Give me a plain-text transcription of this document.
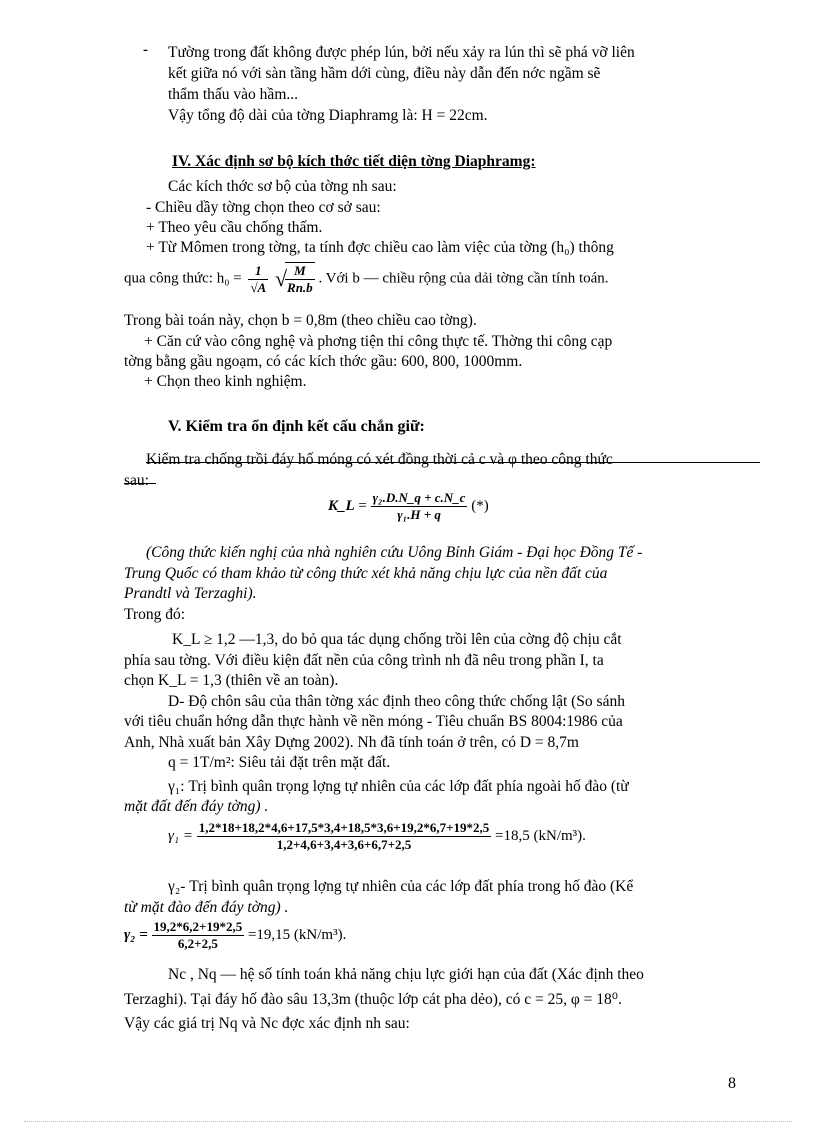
- Tường trong đất không được phép lún, bởi nếu xảy ra lún thì sẽ phá vỡ liên
kết giữa nó với sàn tầng hầm dới cùng, điều này dẫn đến nớc ngầm sẽ
thẩm thấu vào hầm...
Vậy tổng độ dài của tờng Diaphramg là: H = 22cm.
IV. Xác định sơ bộ kích thớc tiết diện tờng Diaphramg:
Các kích thớc sơ bộ của tờng nh sau:
- Chiều dầy tờng chọn theo cơ sở sau:
+ Theo yêu cầu chống thấm.
+ Từ Mômen trong tờng, ta tính đợc chiều cao làm việc của tờng (h₀) thông
qua công thức: $h_0 = \frac{1}{√A}$ √
$\frac{M}{Rn.b}$ . Với b — chiều rộng của dải tờng cần tính toán.
Trong bài toán này, chọn b = 0,8m (theo chiều cao tờng).
+ Căn cứ vào công nghệ và phơng tiện thi công thực tế. Thờng thi công cạp
tờng bằng gầu ngoạm, có các kích thớc gầu: 600, 800, 1000mm.
+ Chọn theo kinh nghiệm.
V. Kiểm tra ổn định kết cấu chắn giữ:
Kiểm tra chống trồi đáy hố móng có xét đồng thời cả c và φ theo công thức
sau:
K_L = $\frac{\text{γ₂.D.N\_q + c.N\_c}}{\text{γ₁.H + q}}$ (*)
(Công thức kiến nghị của nhà nghiên cứu Uông Bỉnh Giám - Đại học Đồng Tế -
Trung Quốc có tham khảo từ công thức xét khả năng chịu lực của nền đất của
Prandtl và Terzaghi).
Trong đó:
K_L ≥ 1,2 —1,3, do bỏ qua tác dụng chống trồi lên của cờng độ chịu cắt
phía sau tờng. Với điều kiện đất nền của công trình nh đã nêu trong phần I, ta
chọn K_L = 1,3 (thiên về an toàn).
D- Độ chôn sâu của thân tờng xác định theo công thức chống lật (So sánh
với tiêu chuẩn hớng dẫn thực hành về nền móng - Tiêu chuẩn BS 8004:1986 của
Anh, Nhà xuất bản Xây Dựng 2002). Nh đã tính toán ở trên, có D = 8,7m
q = 1T/m²: Siêu tải đặt trên mặt đất.
γ₁: Trị bình quân trọng lợng tự nhiên của các lớp đất phía ngoài hố đào (từ
mặt đất đến đáy tờng) .
$\gamma_1 = \frac{1,2*18+18,2*4,6+17,5*3,4+18,5*3,6+19,2*6,7+19*2,5}{1,2+4,6+3,4+3,6+6,7+2,5} =18,5$ (kN/m³).
γ₂- Trị bình quân trọng lợng tự nhiên của các lớp đất phía trong hố đào (Kể
từ mặt đào đến đáy tờng) .
$\gamma_2 = \frac{19,2*6,2+19*2,5}{6,2+2,5} =19,15$ (kN/m³).
Nc , Nq — hệ số tính toán khả năng chịu lực giới hạn của đất (Xác định theo
Terzaghi). Tại đáy hố đào sâu 13,3m (thuộc lớp cát pha dẻo), có c = 25, φ = 18⁰.
Vậy các giá trị Nq và Nc đợc xác định nh sau:
8
